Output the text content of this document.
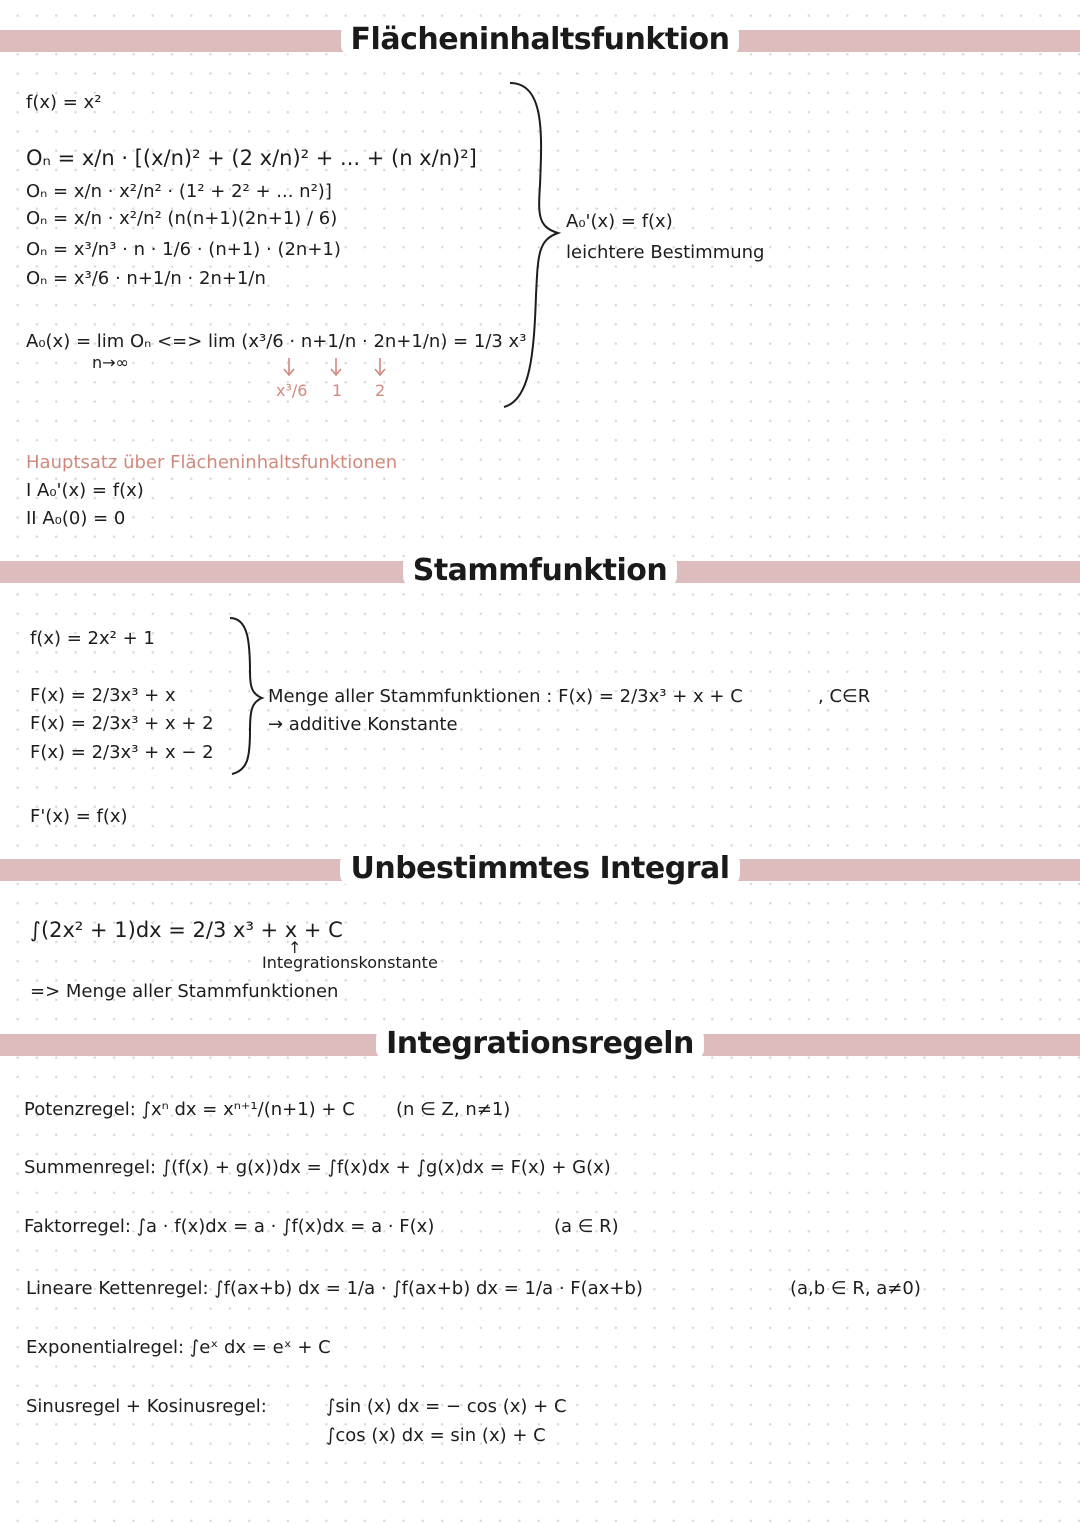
Flächeninhaltsfunktion
Stammfunktion
Unbestimmtes Integral
Integrationsregeln
f(x) = x²
Oₙ = x/n · [(x/n)² + (2 x/n)² + ... + (n x/n)²]
Oₙ = x/n · x²/n² · (1² + 2² + ... n²)]
Oₙ = x/n · x²/n² (n(n+1)(2n+1) / 6)
Oₙ = x³/n³ · n · 1/6 · (n+1) · (2n+1)
Oₙ = x³/6 · n+1/n · 2n+1/n
A₀(x) = lim Oₙ <=> lim (x³/6 · n+1/n · 2n+1/n) = 1/3 x³
n→∞
x³/6 1 2
A₀'(x) = f(x)
leichtere Bestimmung
Hauptsatz über Flächeninhaltsfunktionen
I A₀'(x) = f(x)
II A₀(0) = 0
f(x) = 2x² + 1
F(x) = 2/3x³ + x
F(x) = 2/3x³ + x + 2
F(x) = 2/3x³ + x − 2
Menge aller Stammfunktionen : F(x) = 2/3x³ + x + C	, C∈R
→ additive Konstante
F'(x) = f(x)
∫(2x² + 1)dx = 2/3 x³ + x + C
↑
Integrationskonstante
=> Menge aller Stammfunktionen
Potenzregel: ∫xⁿ dx = xⁿ⁺¹/(n+1) + C (n ∈ Z, n≠1)
Summenregel: ∫(f(x) + g(x))dx = ∫f(x)dx + ∫g(x)dx = F(x) + G(x)
Faktorregel: ∫a · f(x)dx = a · ∫f(x)dx = a · F(x)	(a ∈ R)
Lineare Kettenregel: ∫f(ax+b) dx = 1/a · ∫f(ax+b) dx = 1/a · F(ax+b)	(a,b ∈ R, a≠0)
Exponentialregel: ∫eˣ dx = eˣ + C
Sinusregel + Kosinusregel:	∫sin (x) dx = − cos (x) + C
∫cos (x) dx = sin (x) + C
